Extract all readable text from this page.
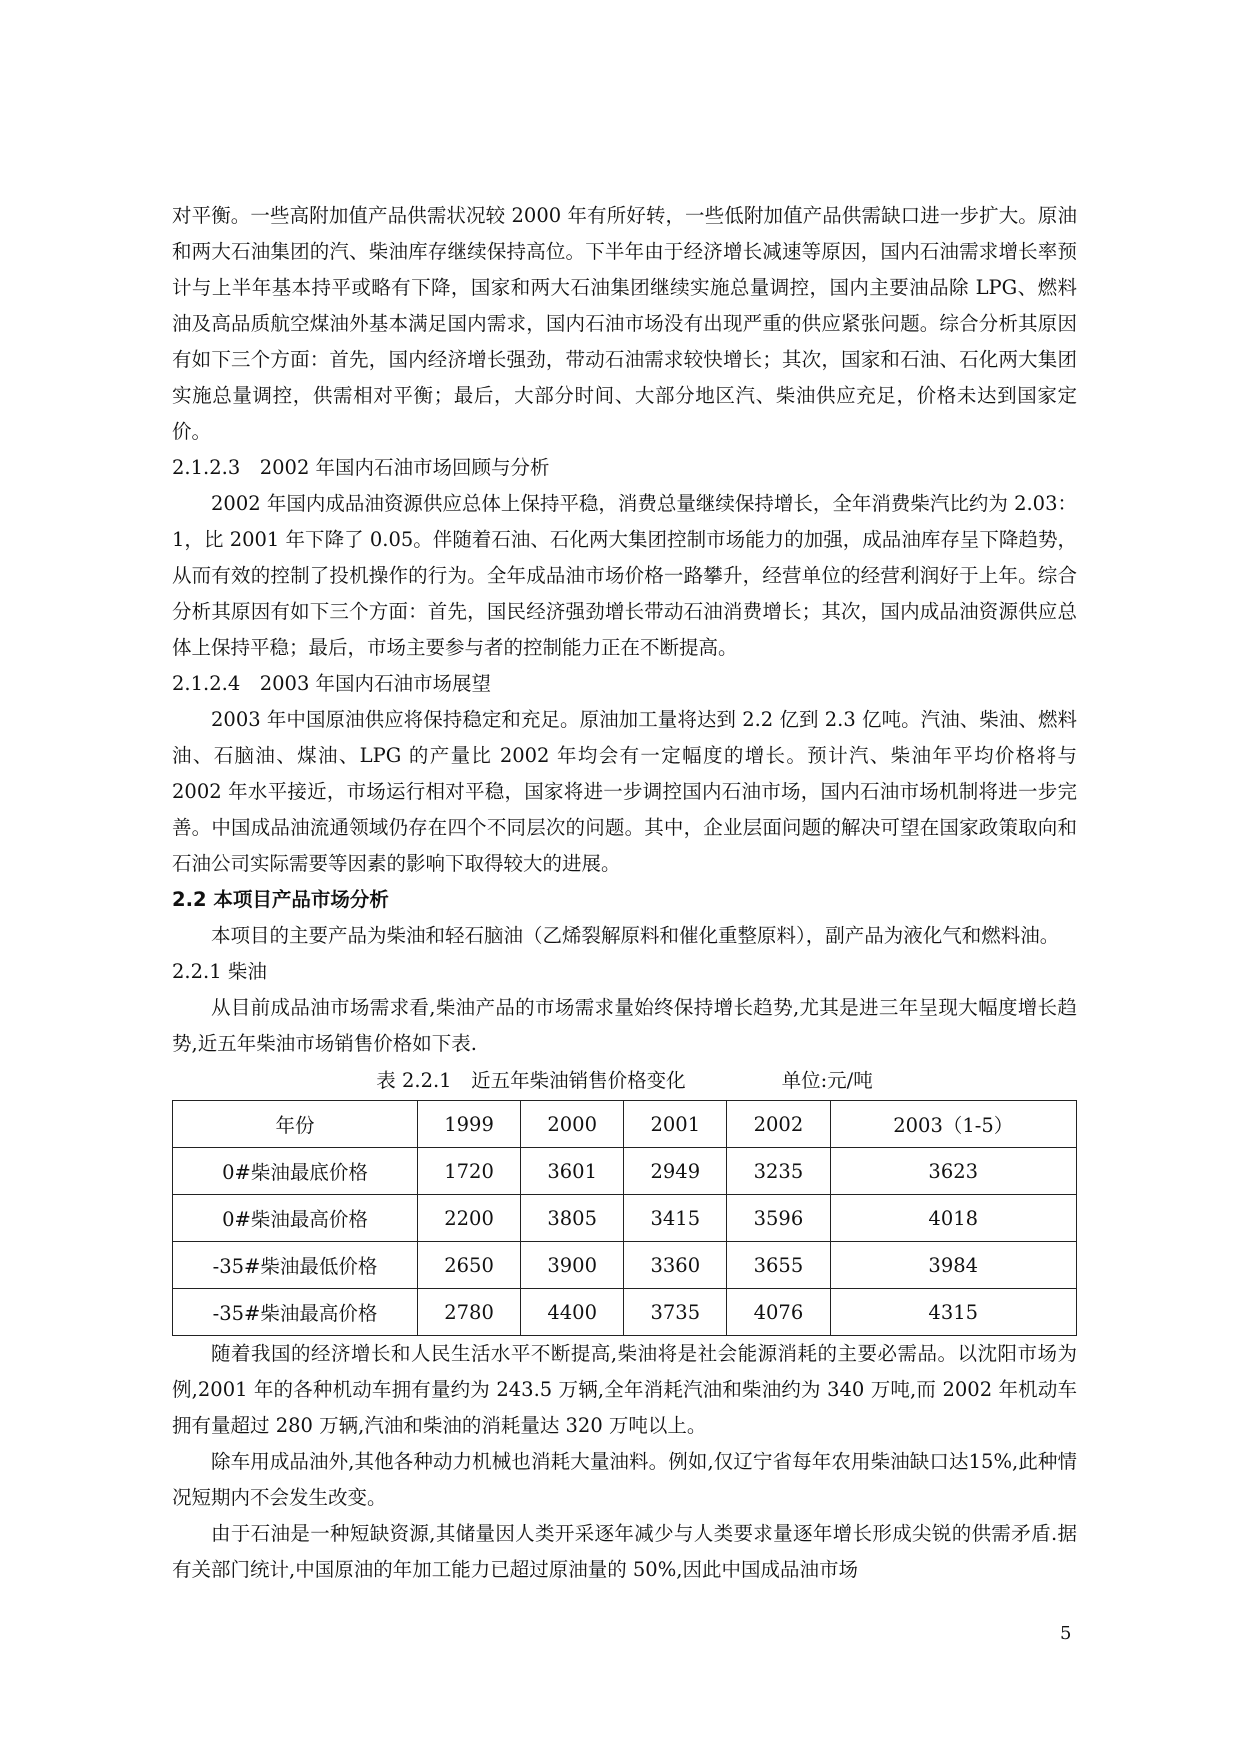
对平衡。一些高附加值产品供需状况较 2000 年有所好转，一些低附加值产品供需缺口进一步扩大。原油和两大石油集团的汽、柴油库存继续保持高位。下半年由于经济增长减速等原因，国内石油需求增长率预计与上半年基本持平或略有下降，国家和两大石油集团继续实施总量调控，国内主要油品除 LPG、燃料油及高品质航空煤油外基本满足国内需求，国内石油市场没有出现严重的供应紧张问题。综合分析其原因有如下三个方面：首先，国内经济增长强劲，带动石油需求较快增长；其次，国家和石油、石化两大集团实施总量调控，供需相对平衡；最后，大部分时间、大部分地区汽、柴油供应充足，价格未达到国家定价。

2.1.2.3　2002 年国内石油市场回顾与分析

2002 年国内成品油资源供应总体上保持平稳，消费总量继续保持增长，全年消费柴汽比约为 2.03：1，比 2001 年下降了 0.05。伴随着石油、石化两大集团控制市场能力的加强，成品油库存呈下降趋势，从而有效的控制了投机操作的行为。全年成品油市场价格一路攀升，经营单位的经营利润好于上年。综合分析其原因有如下三个方面：首先，国民经济强劲增长带动石油消费增长；其次，国内成品油资源供应总体上保持平稳；最后，市场主要参与者的控制能力正在不断提高。

2.1.2.4　2003 年国内石油市场展望

2003 年中国原油供应将保持稳定和充足。原油加工量将达到 2.2 亿到 2.3 亿吨。汽油、柴油、燃料油、石脑油、煤油、LPG 的产量比 2002 年均会有一定幅度的增长。预计汽、柴油年平均价格将与 2002 年水平接近，市场运行相对平稳，国家将进一步调控国内石油市场，国内石油市场机制将进一步完善。中国成品油流通领域仍存在四个不同层次的问题。其中，企业层面问题的解决可望在国家政策取向和石油公司实际需要等因素的影响下取得较大的进展。

2.2 本项目产品市场分析

本项目的主要产品为柴油和轻石脑油（乙烯裂解原料和催化重整原料），副产品为液化气和燃料油。

2.2.1 柴油

从目前成品油市场需求看,柴油产品的市场需求量始终保持增长趋势,尤其是进三年呈现大幅度增长趋势,近五年柴油市场销售价格如下表.

表 2.2.1　近五年柴油销售价格变化	单位:元/吨
年份	1999	2000	2001	2002	2003（1-5）
0#柴油最底价格	1720	3601	2949	3235	3623
0#柴油最高价格	2200	3805	3415	3596	4018
-35#柴油最低价格	2650	3900	3360	3655	3984
-35#柴油最高价格	2780	4400	3735	4076	4315

随着我国的经济增长和人民生活水平不断提高,柴油将是社会能源消耗的主要必需品。以沈阳市场为例,2001 年的各种机动车拥有量约为 243.5 万辆,全年消耗汽油和柴油约为 340 万吨,而 2002 年机动车拥有量超过 280 万辆,汽油和柴油的消耗量达 320 万吨以上。

除车用成品油外,其他各种动力机械也消耗大量油料。例如,仅辽宁省每年农用柴油缺口达15%,此种情况短期内不会发生改变。

由于石油是一种短缺资源,其储量因人类开采逐年减少与人类要求量逐年增长形成尖锐的供需矛盾.据有关部门统计,中国原油的年加工能力已超过原油量的 50%,因此中国成品油市场

5
